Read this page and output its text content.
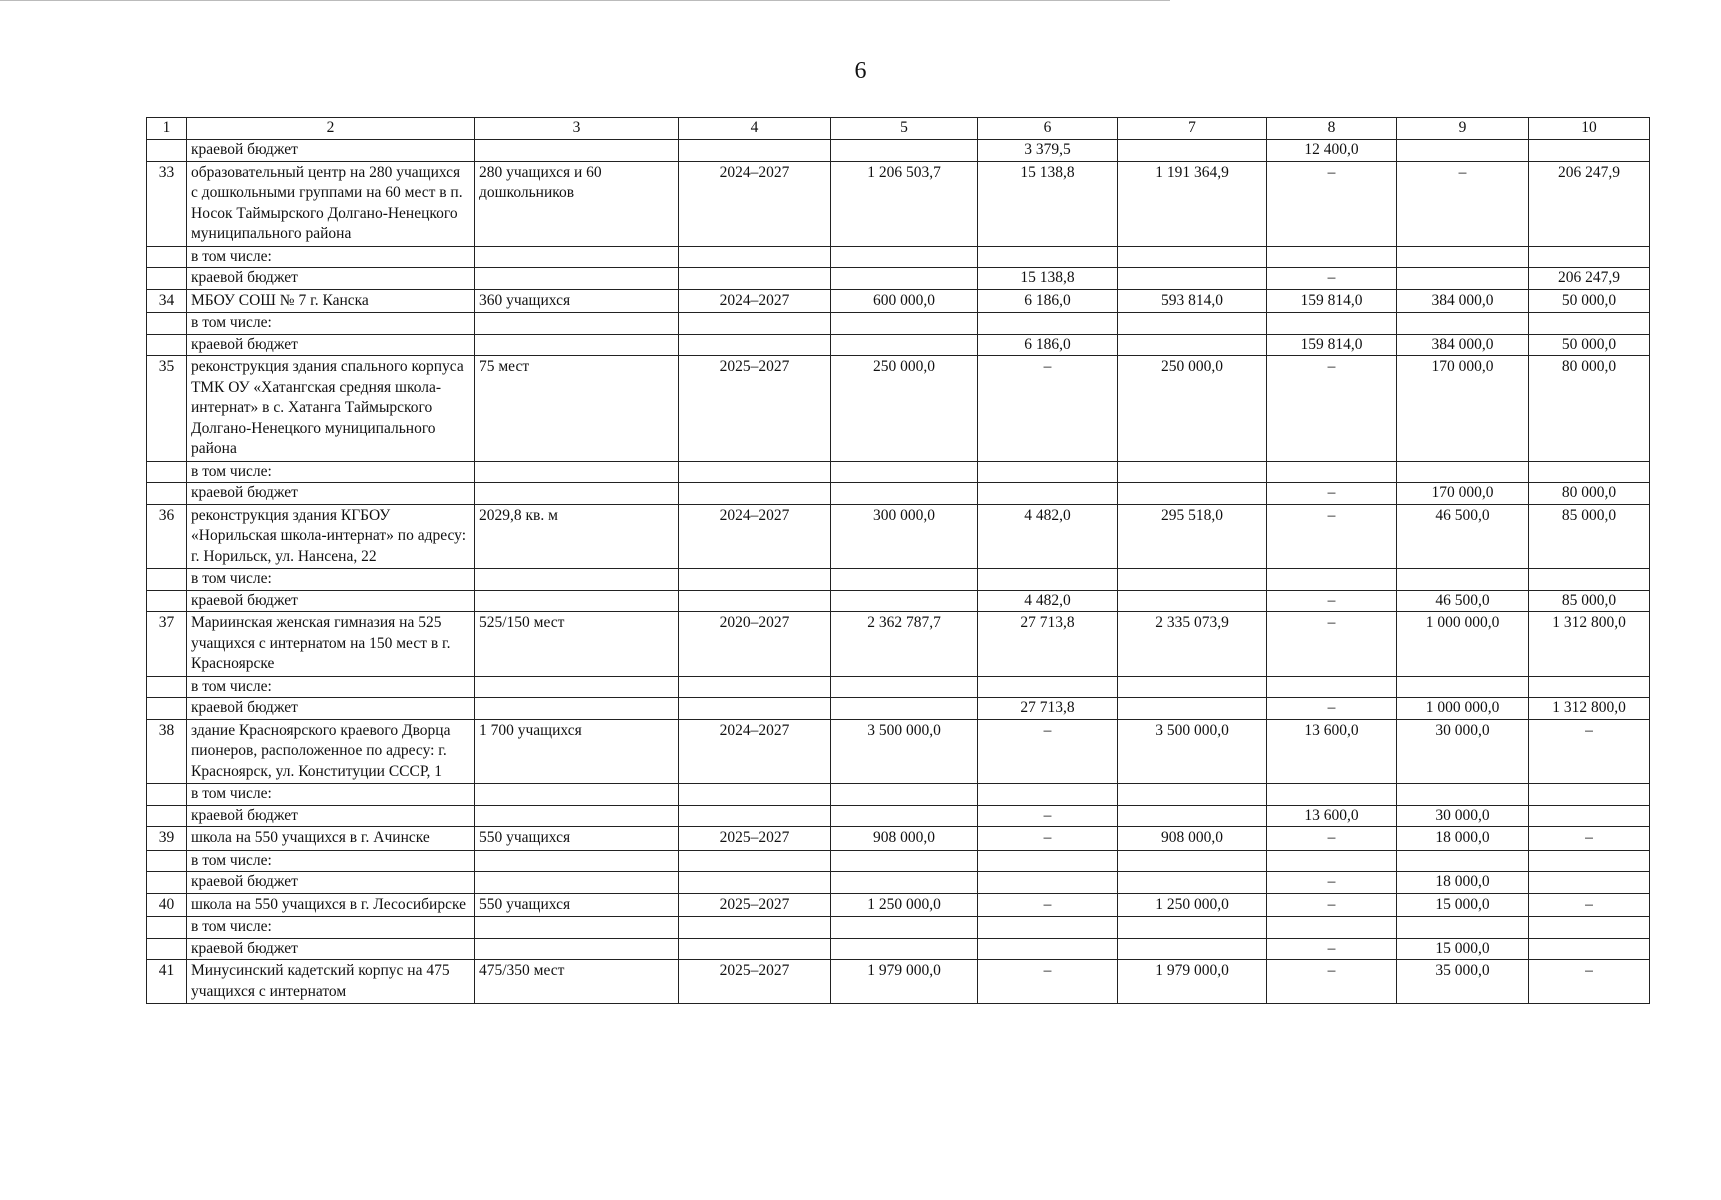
6
1	2	3	4	5	6	7	8	9	10
	краевой бюджет				3 379,5		12 400,0		
33	образовательный центр на 280 учащихся с дошкольными группами на 60 мест в п. Носок Таймырского Долгано-Ненецкого муниципального района	280 учащихся и 60 дошкольников	2024–2027	1 206 503,7	15 138,8	1 191 364,9	–	–	206 247,9
	в том числе:								
	краевой бюджет				15 138,8		–		206 247,9
34	МБОУ СОШ № 7 г. Канска	360 учащихся	2024–2027	600 000,0	6 186,0	593 814,0	159 814,0	384 000,0	50 000,0
	в том числе:								
	краевой бюджет				6 186,0		159 814,0	384 000,0	50 000,0
35	реконструкция здания спального корпуса ТМК ОУ «Хатангская средняя школа-интернат» в с. Хатанга Таймырского Долгано-Ненецкого муниципального района	75 мест	2025–2027	250 000,0	–	250 000,0	–	170 000,0	80 000,0
	в том числе:								
	краевой бюджет						–	170 000,0	80 000,0
36	реконструкция здания КГБОУ «Норильская школа-интернат» по адресу: г. Норильск, ул. Нансена, 22	2029,8 кв. м	2024–2027	300 000,0	4 482,0	295 518,0	–	46 500,0	85 000,0
	в том числе:								
	краевой бюджет				4 482,0		–	46 500,0	85 000,0
37	Мариинская женская гимназия на 525 учащихся с интернатом на 150 мест в г. Красноярске	525/150 мест	2020–2027	2 362 787,7	27 713,8	2 335 073,9	–	1 000 000,0	1 312 800,0
	в том числе:								
	краевой бюджет				27 713,8		–	1 000 000,0	1 312 800,0
38	здание Красноярского краевого Дворца пионеров, расположенное по адресу: г. Красноярск, ул. Конституции СССР, 1	1 700 учащихся	2024–2027	3 500 000,0	–	3 500 000,0	13 600,0	30 000,0	–
	в том числе:								
	краевой бюджет				–		13 600,0	30 000,0	
39	школа на 550 учащихся в г. Ачинске	550 учащихся	2025–2027	908 000,0	–	908 000,0	–	18 000,0	–
	в том числе:								
	краевой бюджет						–	18 000,0	
40	школа на 550 учащихся в г. Лесосибирске	550 учащихся	2025–2027	1 250 000,0	–	1 250 000,0	–	15 000,0	–
	в том числе:								
	краевой бюджет						–	15 000,0	
41	Минусинский кадетский корпус на 475 учащихся с интернатом	475/350 мест	2025–2027	1 979 000,0	–	1 979 000,0	–	35 000,0	–
